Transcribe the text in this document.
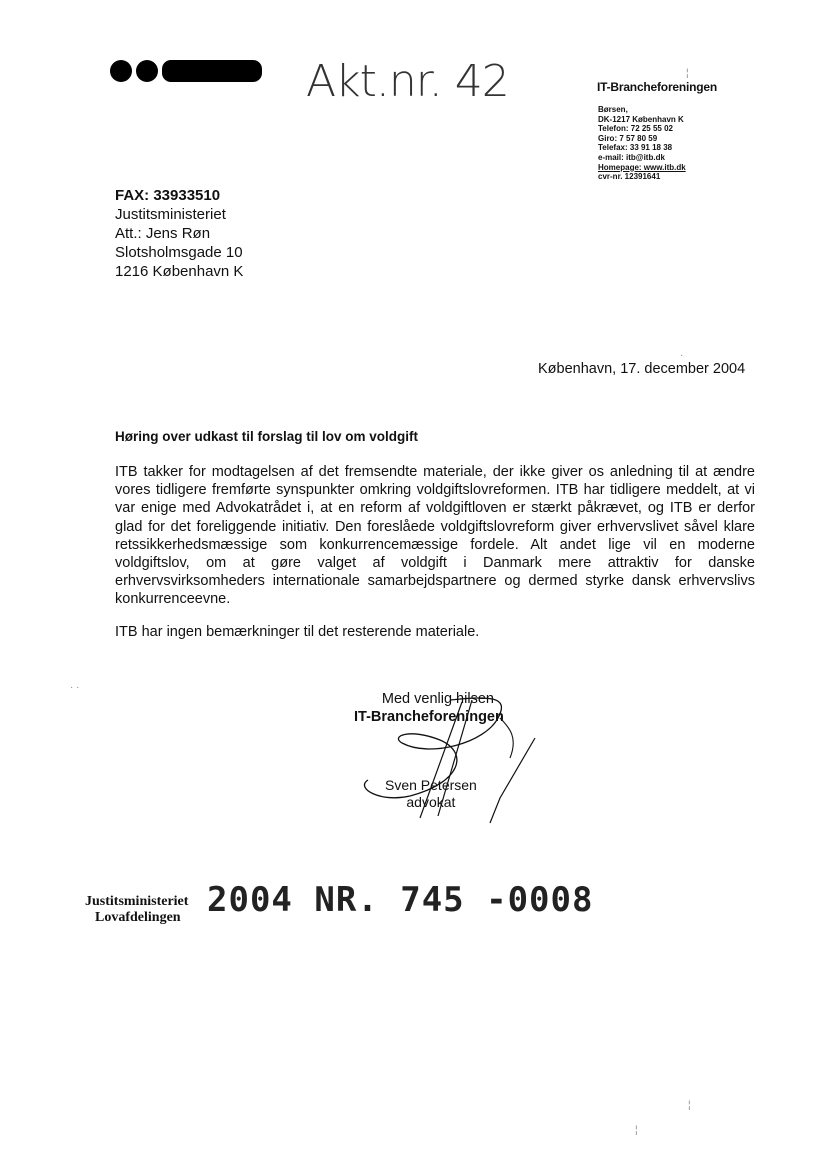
Akt.nr. 42	IT-Brancheforeningen
Børsen,
DK-1217 København K
Telefon: 72 25 55 02
Giro: 7 57 80 59
Telefax: 33 91 18 38
e-mail: itb@itb.dk
Homepage: www.itb.dk
cvr-nr. 12391641
FAX: 33933510
Justitsministeriet
Att.: Jens Røn
Slotsholmsgade 10
1216 København K
København, 17. december 2004
Høring over udkast til forslag til lov om voldgift
ITB takker for modtagelsen af det fremsendte materiale, der ikke giver os anledning til at ændre vores tidligere fremførte synspunkter omkring voldgiftslovreformen. ITB har tidligere meddelt, at vi var enige med Advokatrådet i, at en reform af voldgiftloven er stærkt påkrævet, og ITB er derfor glad for det foreliggende initiativ. Den foreslåede voldgiftslovreform giver erhvervslivet såvel klare retssikkerhedsmæssige som konkurrencemæssige fordele. Alt andet lige vil en moderne voldgiftslov, om at gøre valget af voldgift i Danmark mere attraktiv for danske erhvervsvirksomheders internationale samarbejdspartnere og dermed styrke dansk erhvervslivs konkurrenceevne.
ITB har ingen bemærkninger til det resterende materiale.
Med venlig hilsen
IT-Brancheforeningen
Sven Petersen
advokat
Justitsministeriet
Lovafdelingen 2004 NR. 745 -0008
¦
·
· ·
¦
¦
